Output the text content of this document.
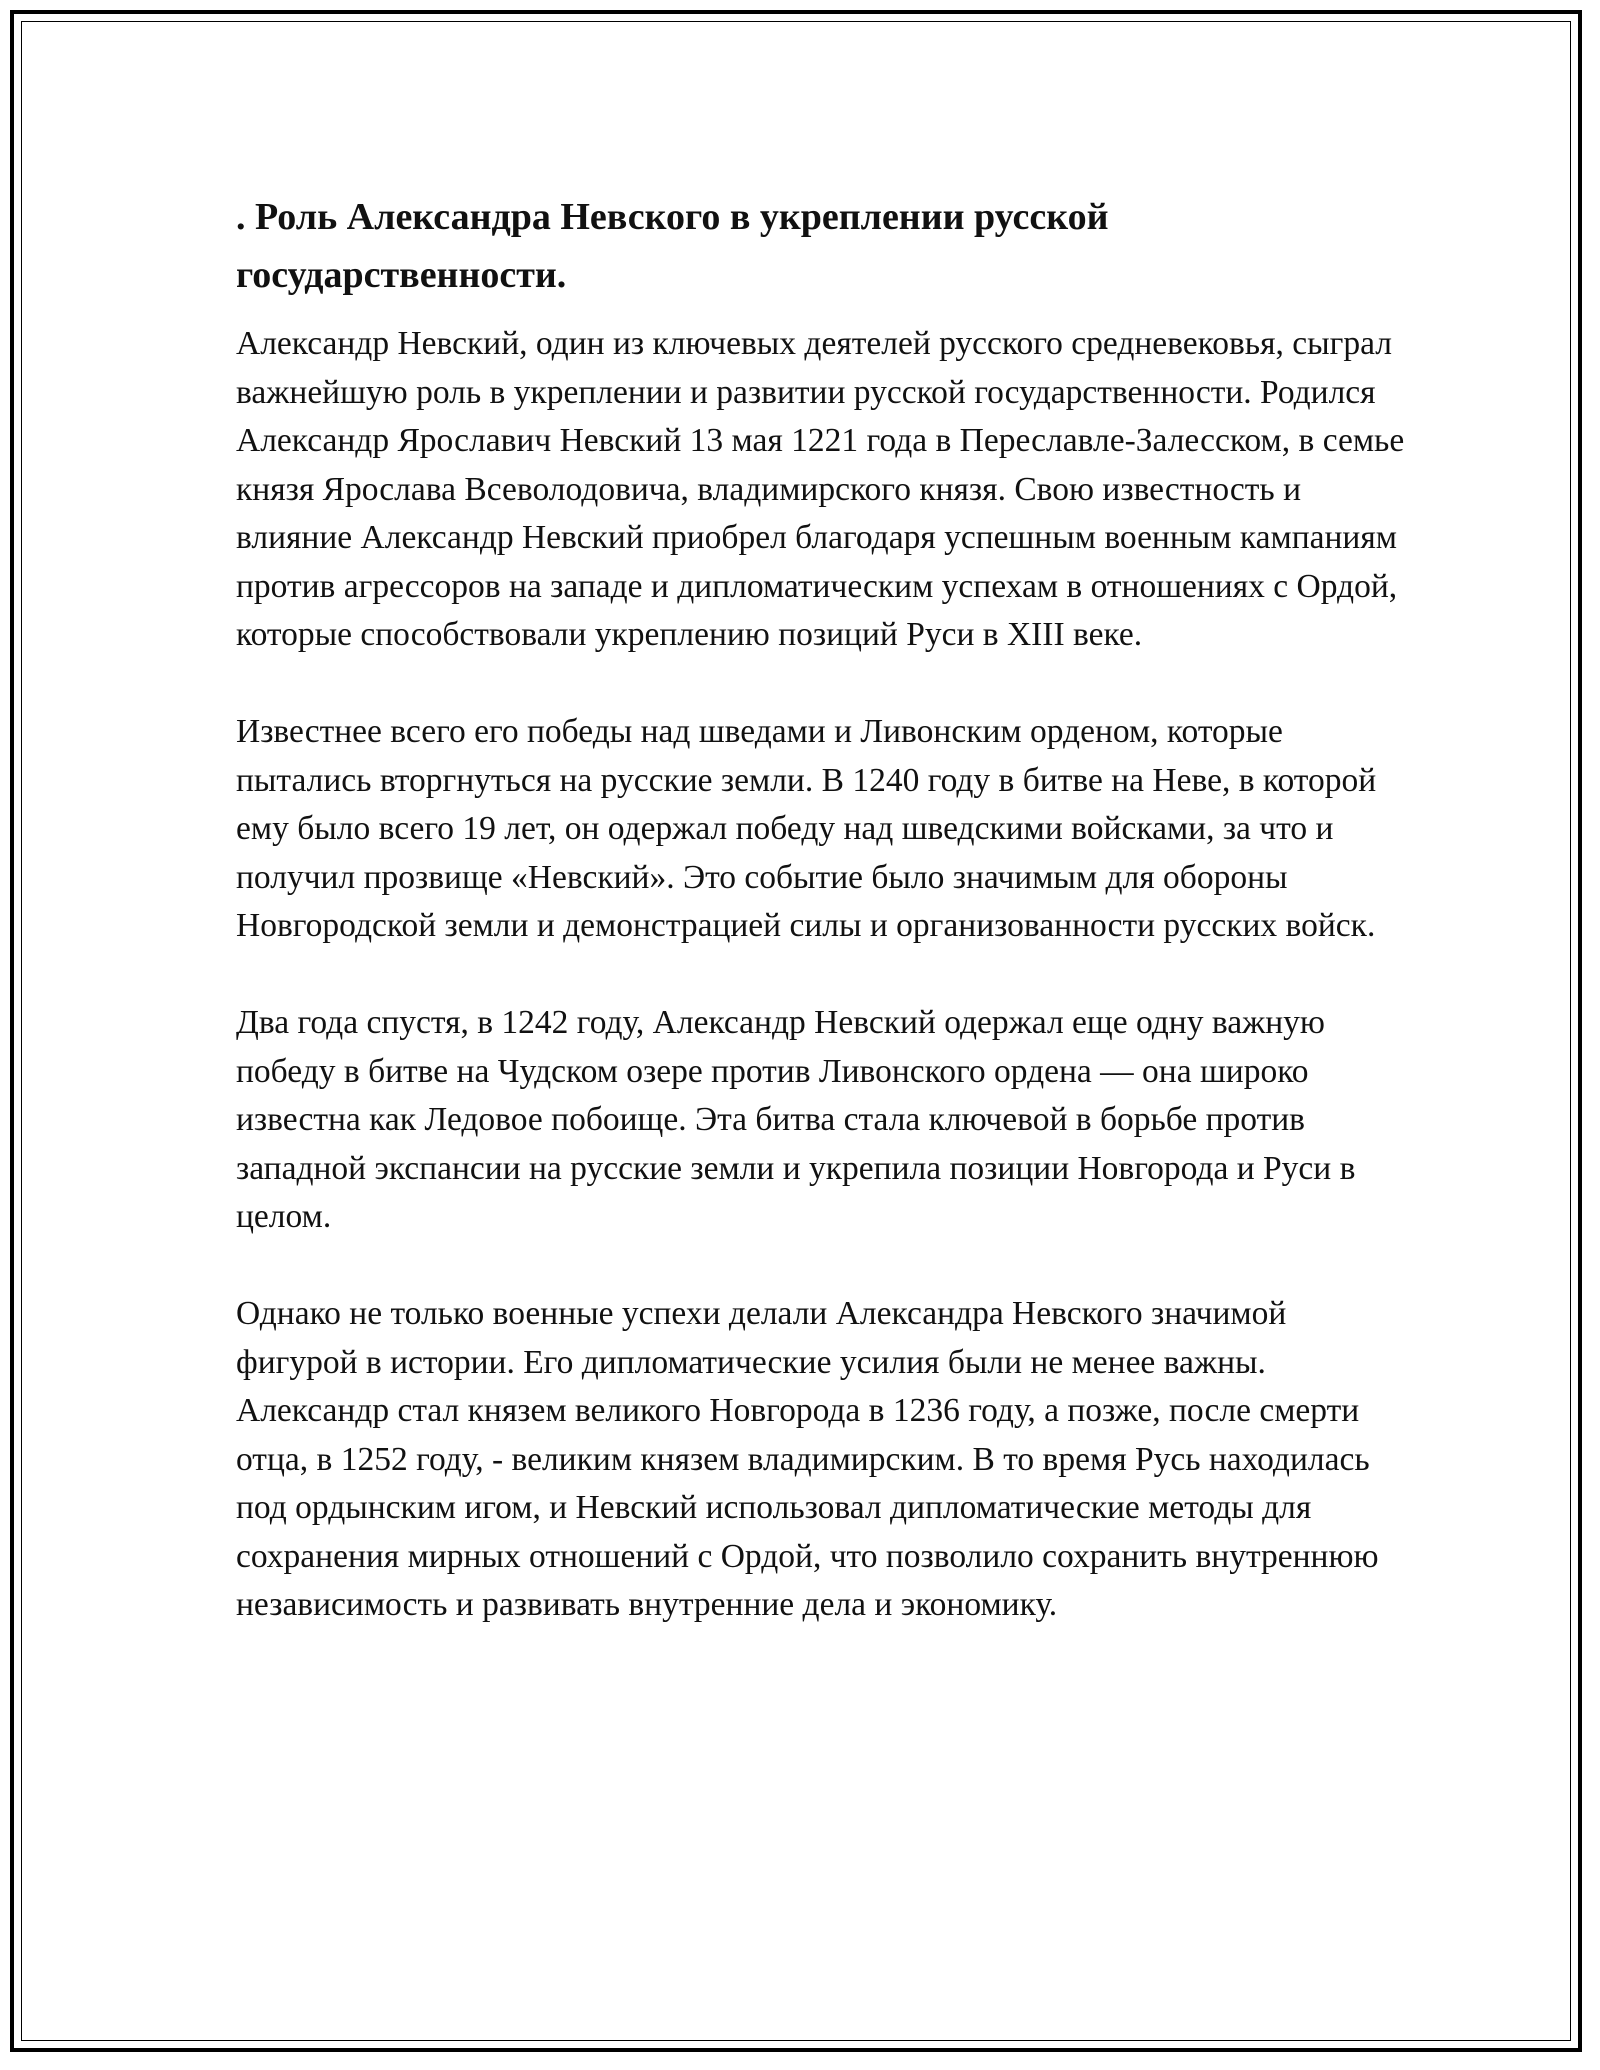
. Роль Александра Невского в укреплении русской государственности.

Александр Невский, один из ключевых деятелей русского средневековья, сыграл важнейшую роль в укреплении и развитии русской государственности. Родился Александр Ярославич Невский 13 мая 1221 года в Переславле-Залесском, в семье князя Ярослава Всеволодовича, владимирского князя. Свою известность и влияние Александр Невский приобрел благодаря успешным военным кампаниям против агрессоров на западе и дипломатическим успехам в отношениях с Ордой, которые способствовали укреплению позиций Руси в XIII веке.

Известнее всего его победы над шведами и Ливонским орденом, которые пытались вторгнуться на русские земли. В 1240 году в битве на Неве, в которой ему было всего 19 лет, он одержал победу над шведскими войсками, за что и получил прозвище «Невский». Это событие было значимым для обороны Новгородской земли и демонстрацией силы и организованности русских войск.

Два года спустя, в 1242 году, Александр Невский одержал еще одну важную победу в битве на Чудском озере против Ливонского ордена — она широко известна как Ледовое побоище. Эта битва стала ключевой в борьбе против западной экспансии на русские земли и укрепила позиции Новгорода и Руси в целом.

Однако не только военные успехи делали Александра Невского значимой фигурой в истории. Его дипломатические усилия были не менее важны. Александр стал князем великого Новгорода в 1236 году, а позже, после смерти отца, в 1252 году, - великим князем владимирским. В то время Русь находилась под ордынским игом, и Невский использовал дипломатические методы для сохранения мирных отношений с Ордой, что позволило сохранить внутреннюю независимость и развивать внутренние дела и экономику.
